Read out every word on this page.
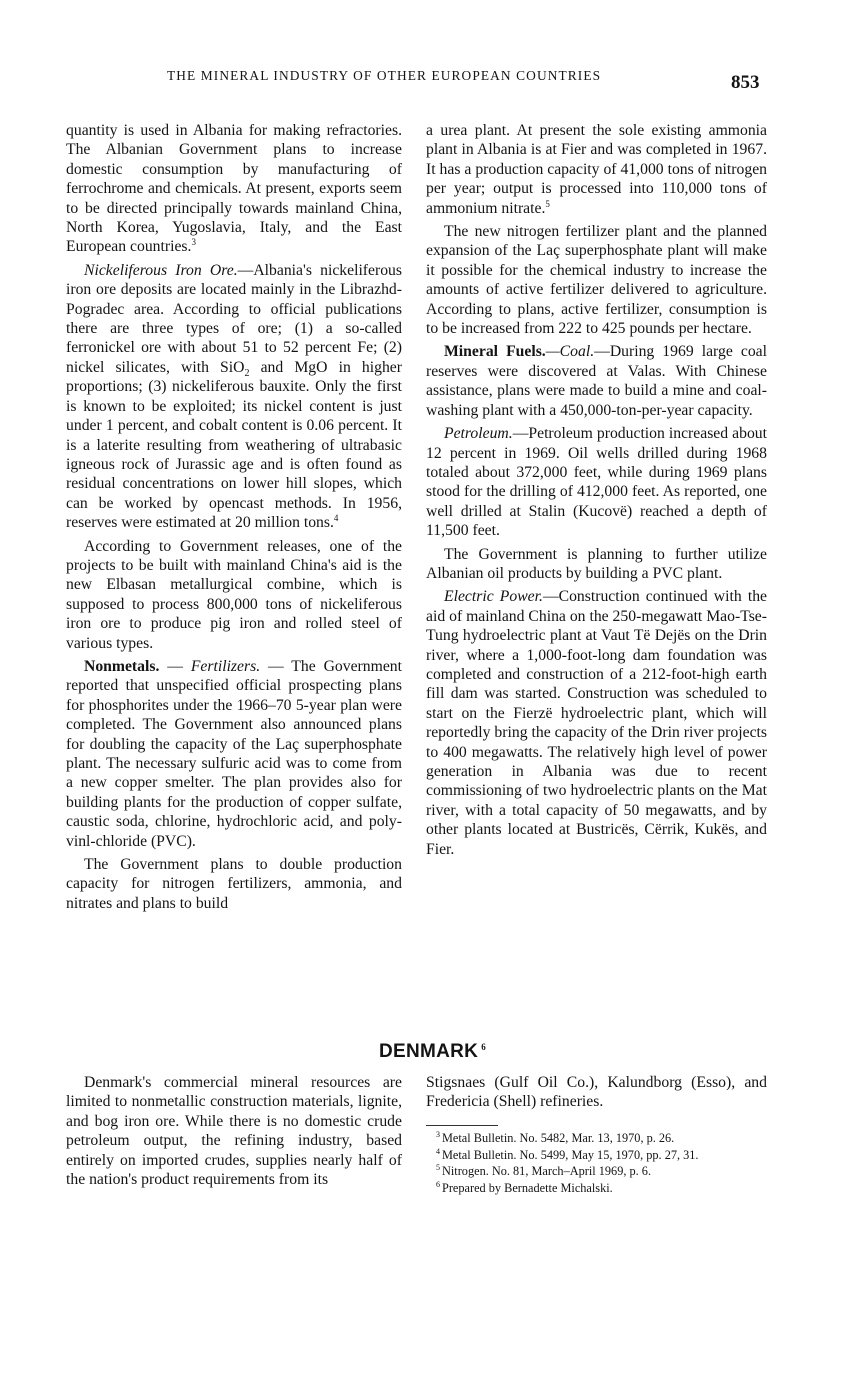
THE MINERAL INDUSTRY OF OTHER EUROPEAN COUNTRIES	853

quantity is used in Albania for making refractories. The Albanian Government plans to increase domestic consumption by manufacturing of ferrochrome and chemicals. At present, exports seem to be directed principally towards mainland China, North Korea, Yugoslavia, Italy, and the East European countries.$^3$

Nickeliferous Iron Ore.—Albania's nickeliferous iron ore deposits are located mainly in the Librazhd-Pogradec area. According to official publications there are three types of ore; (1) a so-called ferronickel ore with about 51 to 52 percent Fe; (2) nickel silicates, with SiO$_2$ and MgO in higher proportions; (3) nickeliferous bauxite. Only the first is known to be exploited; its nickel content is just under 1 percent, and cobalt content is 0.06 percent. It is a laterite resulting from weathering of ultrabasic igneous rock of Jurassic age and is often found as residual concentrations on lower hill slopes, which can be worked by opencast methods. In 1956, reserves were estimated at 20 million tons.$^4$

According to Government releases, one of the projects to be built with mainland China's aid is the new Elbasan metallurgical combine, which is supposed to process 800,000 tons of nickeliferous iron ore to produce pig iron and rolled steel of various types.

Nonmetals. — Fertilizers. — The Government reported that unspecified official prospecting plans for phosphorites under the 1966–70 5-year plan were completed. The Government also announced plans for doubling the capacity of the Laç superphosphate plant. The necessary sulfuric acid was to come from a new copper smelter. The plan provides also for building plants for the production of copper sulfate, caustic soda, chlorine, hydrochloric acid, and poly-vinl-chloride (PVC).

The Government plans to double production capacity for nitrogen fertilizers, ammonia, and nitrates and plans to build

a urea plant. At present the sole existing ammonia plant in Albania is at Fier and was completed in 1967. It has a production capacity of 41,000 tons of nitrogen per year; output is processed into 110,000 tons of ammonium nitrate.$^5$

The new nitrogen fertilizer plant and the planned expansion of the Laç superphosphate plant will make it possible for the chemical industry to increase the amounts of active fertilizer delivered to agriculture. According to plans, active fertilizer, consumption is to be increased from 222 to 425 pounds per hectare.

Mineral Fuels.—Coal.—During 1969 large coal reserves were discovered at Valas. With Chinese assistance, plans were made to build a mine and coal-washing plant with a 450,000-ton-per-year capacity.

Petroleum.—Petroleum production increased about 12 percent in 1969. Oil wells drilled during 1968 totaled about 372,000 feet, while during 1969 plans stood for the drilling of 412,000 feet. As reported, one well drilled at Stalin (Kucovë) reached a depth of 11,500 feet.

The Government is planning to further utilize Albanian oil products by building a PVC plant.

Electric Power.—Construction continued with the aid of mainland China on the 250-megawatt Mao-Tse-Tung hydroelectric plant at Vaut Të Dejës on the Drin river, where a 1,000-foot-long dam foundation was completed and construction of a 212-foot-high earth fill dam was started. Construction was scheduled to start on the Fierzë hydroelectric plant, which will reportedly bring the capacity of the Drin river projects to 400 megawatts. The relatively high level of power generation in Albania was due to recent commissioning of two hydroelectric plants on the Mat river, with a total capacity of 50 megawatts, and by other plants located at Bustricës, Cërrik, Kukës, and Fier.

DENMARK $^6$

Denmark's commercial mineral resources are limited to nonmetallic construction materials, lignite, and bog iron ore. While there is no domestic crude petroleum output, the refining industry, based entirely on imported crudes, supplies nearly half of the nation's product requirements from its

Stigsnaes (Gulf Oil Co.), Kalundborg (Esso), and Fredericia (Shell) refineries.

$^3$ Metal Bulletin. No. 5482, Mar. 13, 1970, p. 26.

$^4$ Metal Bulletin. No. 5499, May 15, 1970, pp. 27, 31.

$^5$ Nitrogen. No. 81, March–April 1969, p. 6.

$^6$ Prepared by Bernadette Michalski.
